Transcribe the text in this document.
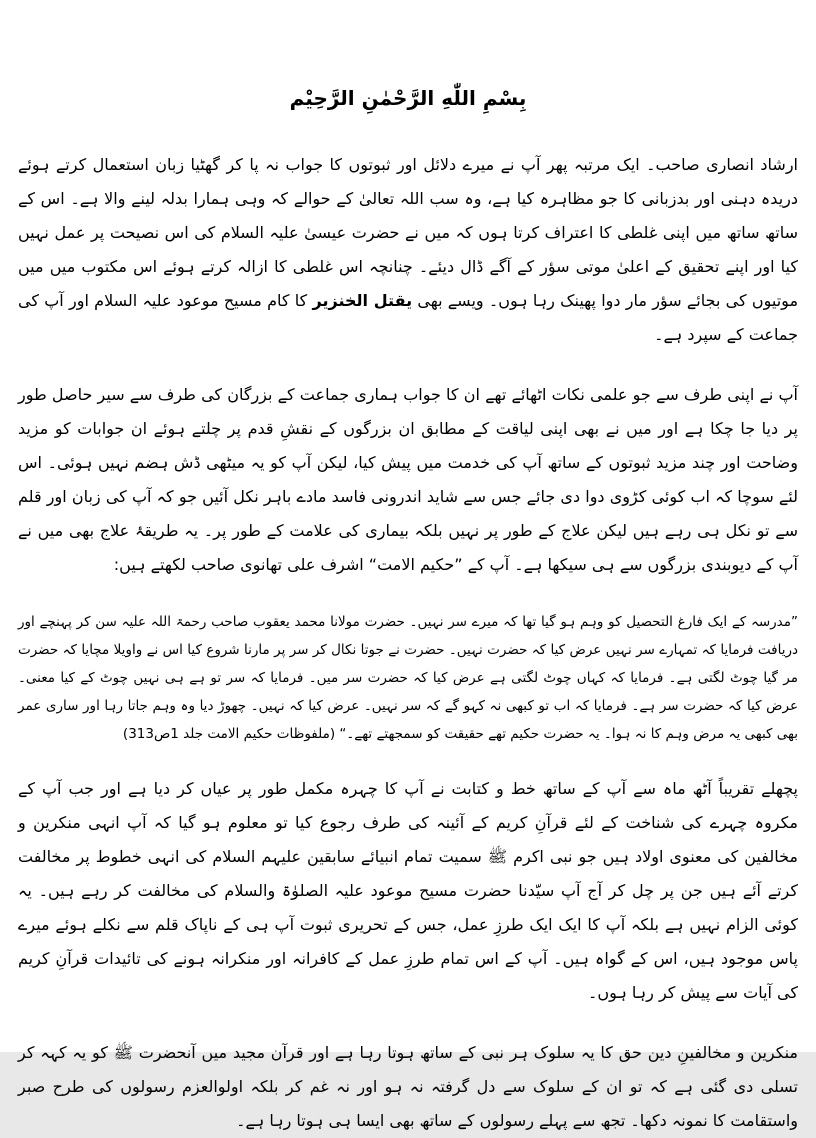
بِسْمِ اللّٰهِ الرَّحْمٰنِ الرَّحِيْم

ارشاد انصاری صاحب۔ ایک مرتبہ پھر آپ نے میرے دلائل اور ثبوتوں کا جواب نہ پا کر گھٹیا زبان استعمال کرتے ہوئے دریدہ دہنی اور بدزبانی کا جو مظاہرہ کیا ہے، وہ سب اللہ تعالیٰ کے حوالے کہ وہی ہمارا بدلہ لینے والا ہے۔ اس کے ساتھ ساتھ میں اپنی غلطی کا اعتراف کرتا ہوں کہ میں نے حضرت عیسیٰ علیہ السلام کی اس نصیحت پر عمل نہیں کیا اور اپنے تحقیق کے اعلیٰ موتی سؤر کے آگے ڈال دیئے۔ چنانچہ اس غلطی کا ازالہ کرتے ہوئے اس مکتوب میں میں موتیوں کی بجائے سؤر مار دوا پھینک رہا ہوں۔ ویسے بھی یقتل الخنزیر کا کام مسیح موعود علیہ السلام اور آپ کی جماعت کے سپرد ہے۔

آپ نے اپنی طرف سے جو علمی نکات اٹھائے تھے ان کا جواب ہماری جماعت کے بزرگان کی طرف سے سیر حاصل طور پر دیا جا چکا ہے اور میں نے بھی اپنی لیاقت کے مطابق ان بزرگوں کے نقشِ قدم پر چلتے ہوئے ان جوابات کو مزید وضاحت اور چند مزید ثبوتوں کے ساتھ آپ کی خدمت میں پیش کیا، لیکن آپ کو یہ میٹھی ڈش ہضم نہیں ہوئی۔ اس لئے سوچا کہ اب کوئی کڑوی دوا دی جائے جس سے شاید اندرونی فاسد مادے باہر نکل آئیں جو کہ آپ کی زبان اور قلم سے تو نکل ہی رہے ہیں لیکن علاج کے طور پر نہیں بلکہ بیماری کی علامت کے طور پر۔ یہ طریقۂ علاج بھی میں نے آپ کے دیوبندی بزرگوں سے ہی سیکھا ہے۔ آپ کے ”حکیم الامت“ اشرف علی تھانوی صاحب لکھتے ہیں:

”مدرسہ کے ایک فارغ التحصیل کو وہم ہو گیا تھا کہ میرے سر نہیں۔ حضرت مولانا محمد یعقوب صاحب رحمۃ اللہ علیہ سن کر پہنچے اور دریافت فرمایا کہ تمہارے سر نہیں عرض کیا کہ حضرت نہیں۔ حضرت نے جوتا نکال کر سر پر مارنا شروع کیا اس نے واویلا مچایا کہ حضرت مر گیا چوٹ لگتی ہے۔ فرمایا کہ کہاں چوٹ لگتی ہے عرض کیا کہ حضرت سر میں۔ فرمایا کہ سر تو ہے ہی نہیں چوٹ کے کیا معنی۔ عرض کیا کہ حضرت سر ہے۔ فرمایا کہ اب تو کبھی نہ کہو گے کہ سر نہیں۔ عرض کیا کہ نہیں۔ چھوڑ دیا وہ وہم جاتا رہا اور ساری عمر بھی کبھی یہ مرض وہم کا نہ ہوا۔ یہ حضرت حکیم تھے حقیقت کو سمجھتے تھے۔“ (ملفوظات حکیم الامت جلد 1ص313)

پچھلے تقریباً آٹھ ماہ سے آپ کے ساتھ خط و کتابت نے آپ کا چہرہ مکمل طور پر عیاں کر دیا ہے اور جب آپ کے مکروہ چہرے کی شناخت کے لئے قرآنِ کریم کے آئینہ کی طرف رجوع کیا تو معلوم ہو گیا کہ آپ انہی منکرین و مخالفین کی معنوی اولاد ہیں جو نبی اکرم ﷺ سمیت تمام انبیائے سابقین علیہم السلام کی انہی خطوط پر مخالفت کرتے آئے ہیں جن پر چل کر آج آپ سیّدنا حضرت مسیح موعود علیہ الصلوٰۃ والسلام کی مخالفت کر رہے ہیں۔ یہ کوئی الزام نہیں ہے بلکہ آپ کا ایک ایک طرزِ عمل، جس کے تحریری ثبوت آپ ہی کے ناپاک قلم سے نکلے ہوئے میرے پاس موجود ہیں، اس کے گواہ ہیں۔ آپ کے اس تمام طرزِ عمل کے کافرانہ اور منکرانہ ہونے کی تائیدات قرآنِ کریم کی آیات سے پیش کر رہا ہوں۔

منکرین و مخالفینِ دین حق کا یہ سلوک ہر نبی کے ساتھ ہوتا رہا ہے اور قرآن مجید میں آنحضرت ﷺ کو یہ کہہ کر تسلی دی گئی ہے کہ تو ان کے سلوک سے دل گرفتہ نہ ہو اور نہ غم کر بلکہ اولوالعزم رسولوں کی طرح صبر واستقامت کا نمونہ دکھا۔ تجھ سے پہلے رسولوں کے ساتھ بھی ایسا ہی ہوتا رہا ہے۔
